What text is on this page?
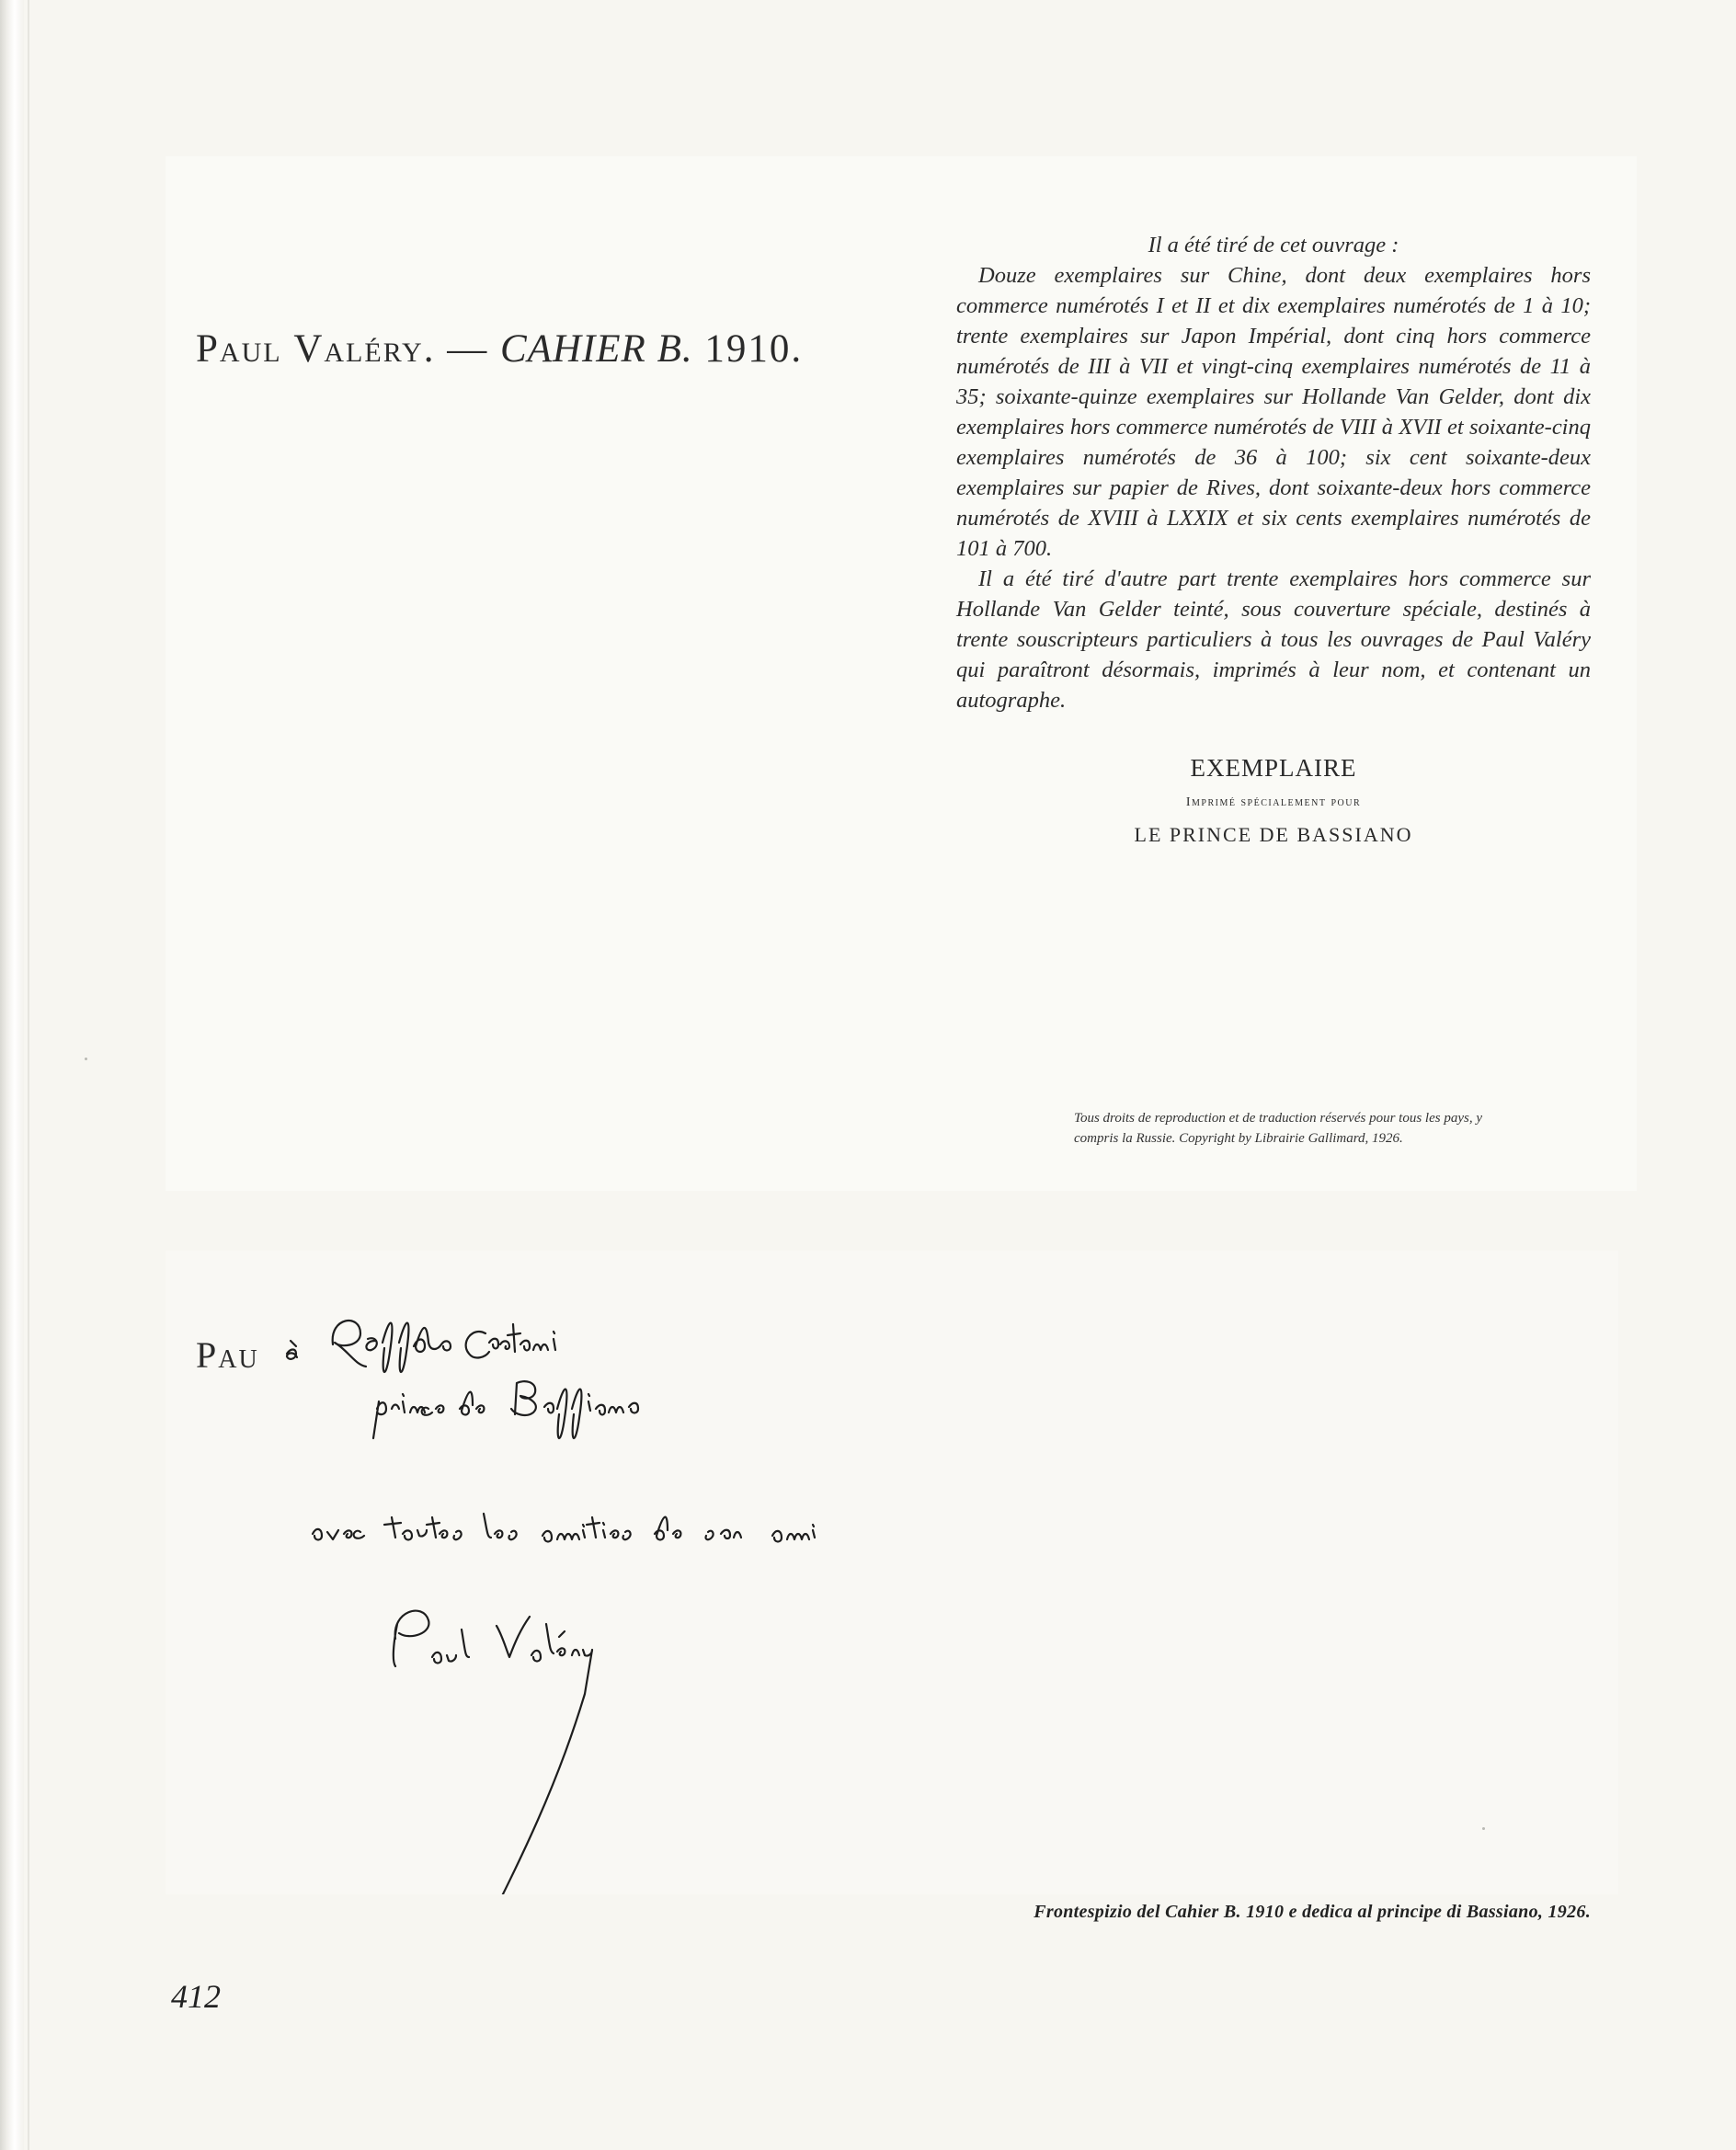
Paul Valéry. — CAHIER B. 1910.
Il a été tiré de cet ouvrage :

Douze exemplaires sur Chine, dont deux exemplaires hors commerce numérotés I et II et dix exemplaires numérotés de 1 à 10; trente exemplaires sur Japon Impérial, dont cinq hors commerce numérotés de III à VII et vingt-cinq exemplaires numérotés de 11 à 35; soixante-quinze exemplaires sur Hollande Van Gelder, dont dix exemplaires hors commerce numérotés de VIII à XVII et soixante-cinq exemplaires numérotés de 36 à 100; six cent soixante-deux exemplaires sur papier de Rives, dont soixante-deux hors commerce numérotés de XVIII à LXXIX et six cents exemplaires numérotés de 101 à 700.

Il a été tiré d'autre part trente exemplaires hors commerce sur Hollande Van Gelder teinté, sous couverture spéciale, destinés à trente souscripteurs particuliers à tous les ouvrages de Paul Valéry qui paraîtront désormais, imprimés à leur nom, et contenant un autographe.

EXEMPLAIRE
Imprimé spécialement pour
LE PRINCE DE BASSIANO
Tous droits de reproduction et de traduction réservés pour tous les pays, y compris la Russie. Copyright by Librairie Gallimard, 1926.
Pau
Frontespizio del Cahier B. 1910 e dedica al principe di Bassiano, 1926.
412
